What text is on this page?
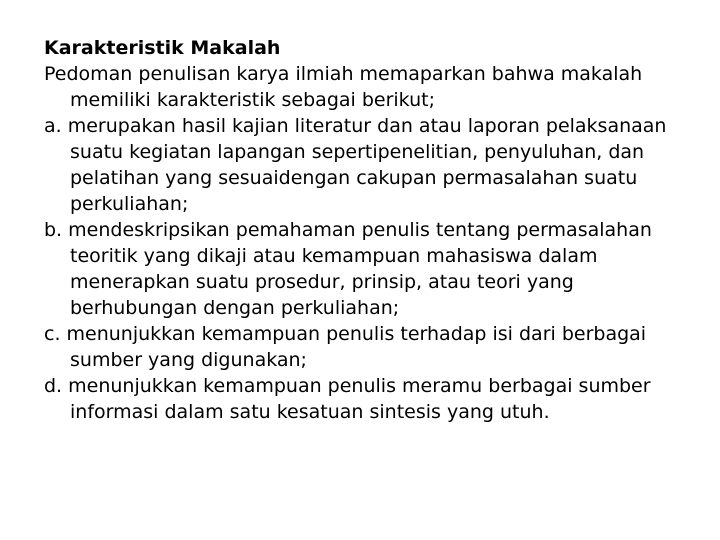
Karakteristik Makalah

Pedoman penulisan karya ilmiah memaparkan bahwa makalah memiliki karakteristik sebagai berikut;

a. merupakan hasil kajian literatur dan atau laporan pelaksanaan suatu kegiatan lapangan sepertipenelitian, penyuluhan, dan pelatihan yang sesuaidengan cakupan permasalahan suatu perkuliahan;

b. mendeskripsikan pemahaman penulis tentang permasalahan teoritik yang dikaji atau kemampuan mahasiswa dalam menerapkan suatu prosedur, prinsip, atau teori yang berhubungan dengan perkuliahan;

c. menunjukkan kemampuan penulis terhadap isi dari berbagai sumber yang digunakan;

d. menunjukkan kemampuan penulis meramu berbagai sumber informasi dalam satu kesatuan sintesis yang utuh.
